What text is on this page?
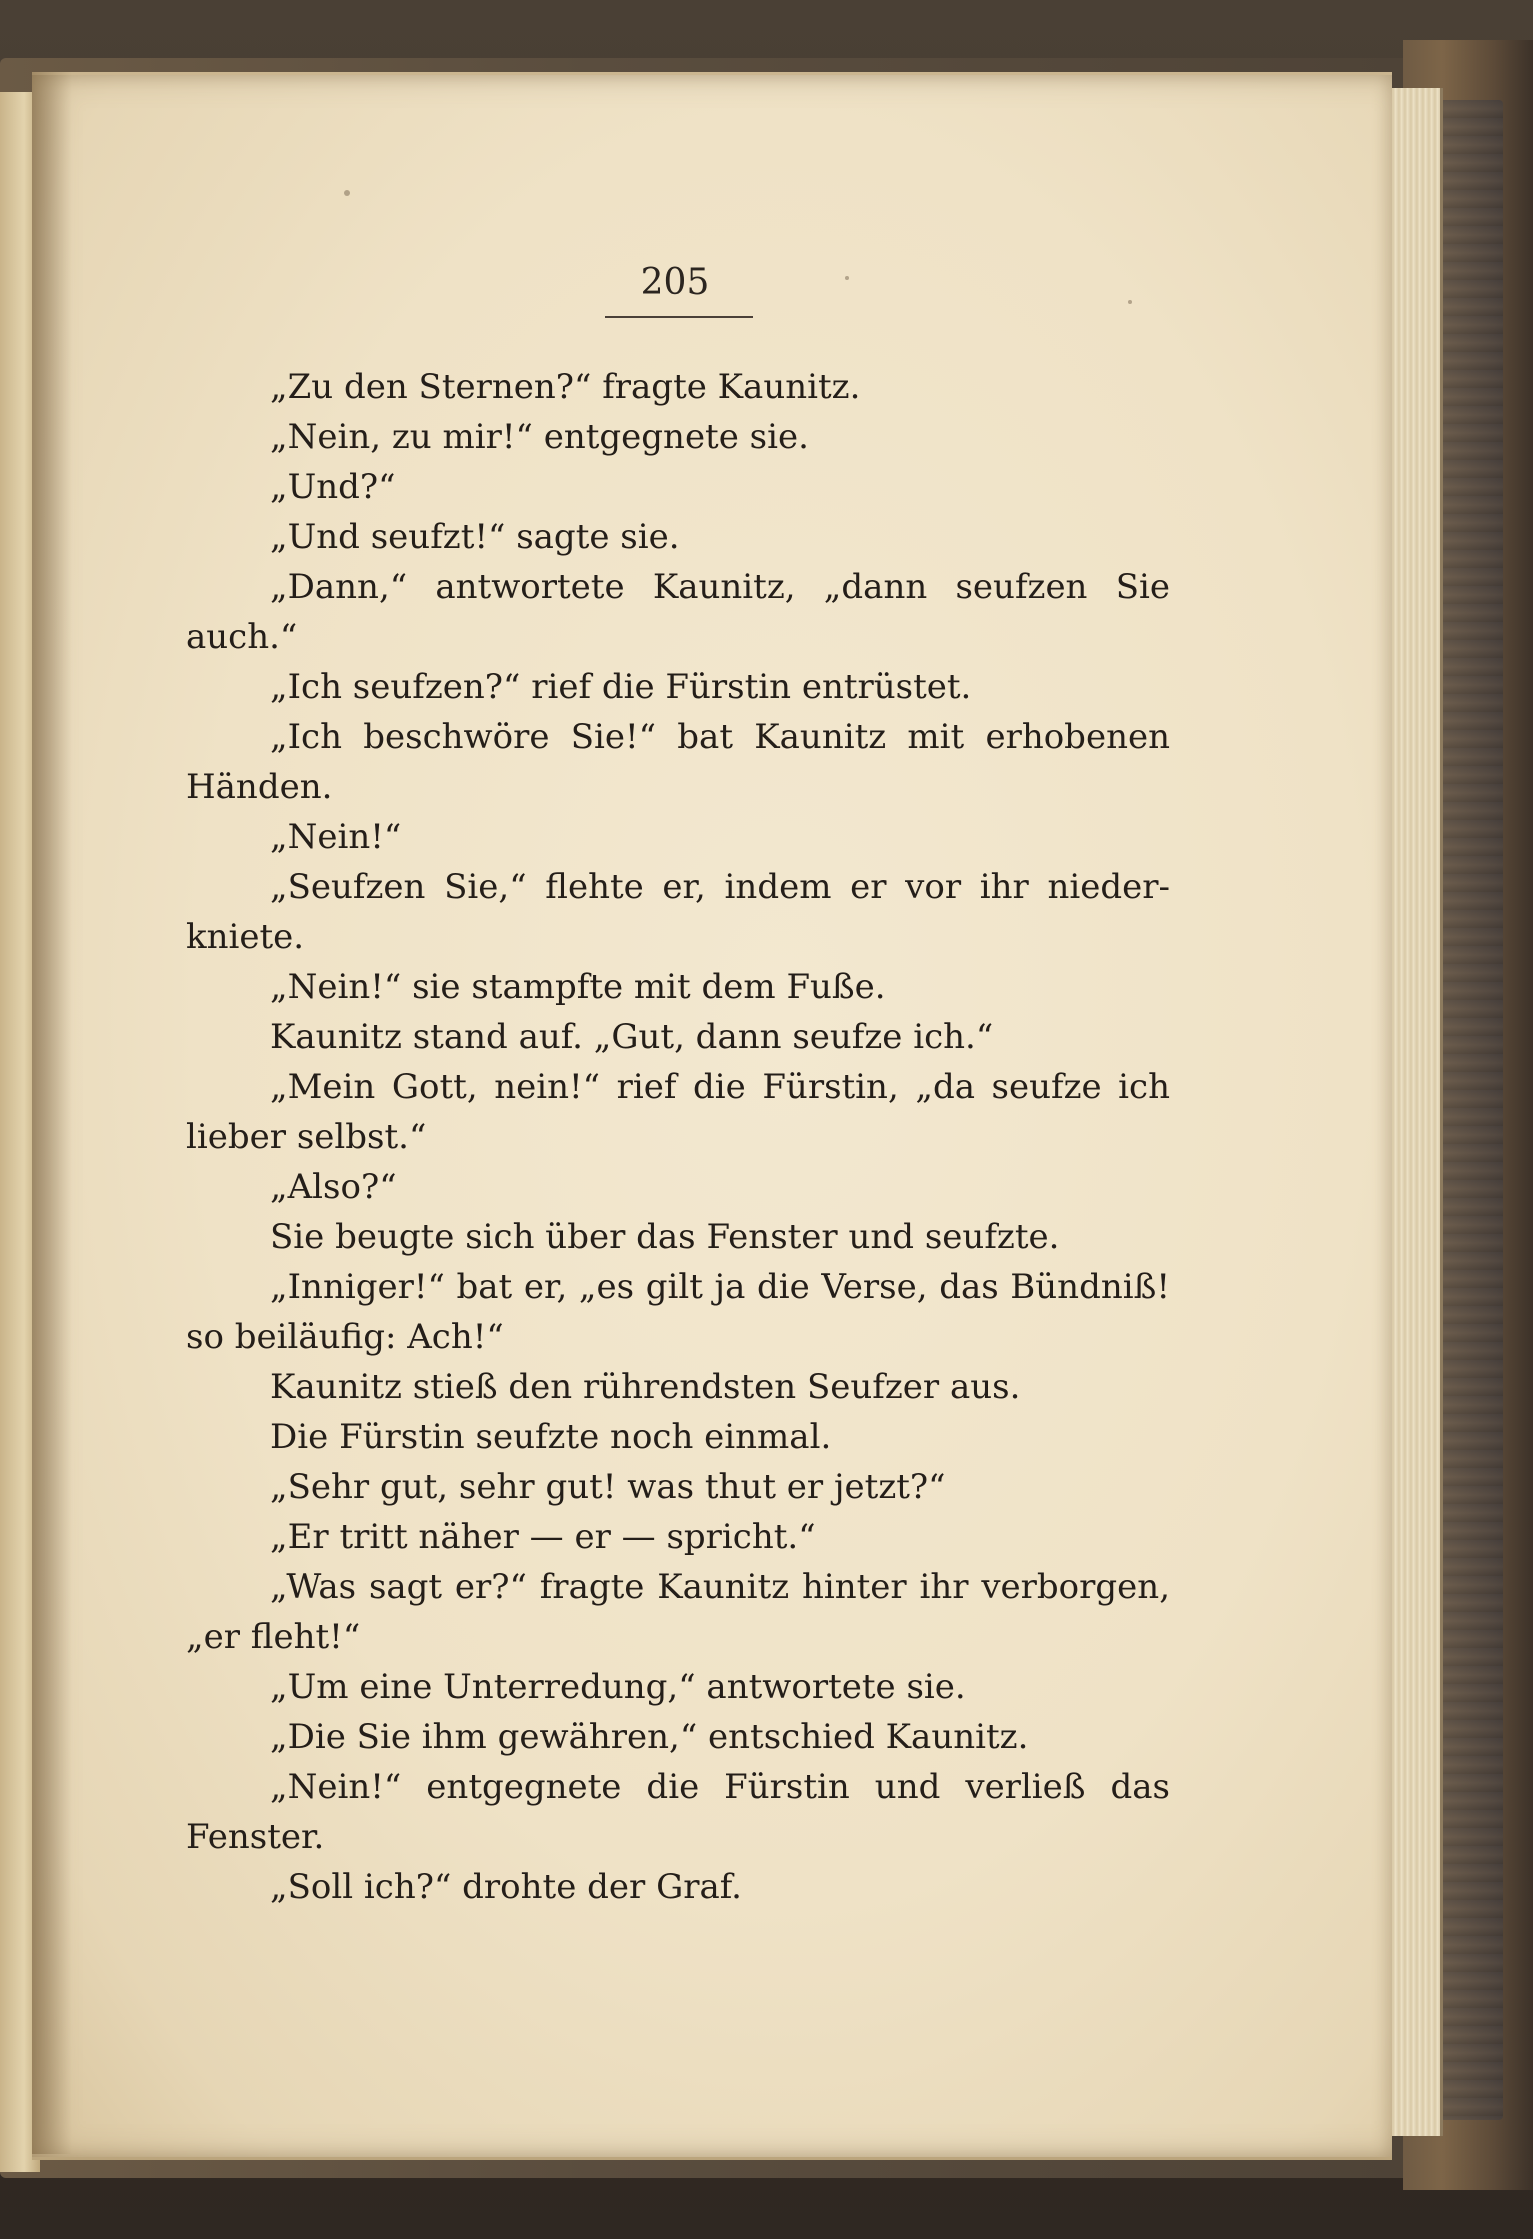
205

„Zu den Sternen?“ fragte Kaunitz.

„Nein, zu mir!“ entgegnete sie.

„Und?“

„Und seufzt!“ sagte sie.

„Dann,“ antwortete Kaunitz, „dann seufzen Sie auch.“

„Ich seufzen?“ rief die Fürstin entrüstet.

„Ich beschwöre Sie!“ bat Kaunitz mit erhobenen Händen.

„Nein!“

„Seufzen Sie,“ flehte er, indem er vor ihr nieder-kniete.

„Nein!“ sie stampfte mit dem Fuße.

Kaunitz stand auf. „Gut, dann seufze ich.“

„Mein Gott, nein!“ rief die Fürstin, „da seufze ich lieber selbst.“

„Also?“

Sie beugte sich über das Fenster und seufzte.

„Inniger!“ bat er, „es gilt ja die Verse, das Bündniß! so beiläufig: Ach!“

Kaunitz stieß den rührendsten Seufzer aus.

Die Fürstin seufzte noch einmal.

„Sehr gut, sehr gut! was thut er jetzt?“

„Er tritt näher — er — spricht.“

„Was sagt er?“ fragte Kaunitz hinter ihr verborgen, „er fleht!“

„Um eine Unterredung,“ antwortete sie.

„Die Sie ihm gewähren,“ entschied Kaunitz.

„Nein!“ entgegnete die Fürstin und verließ das Fenster.

„Soll ich?“ drohte der Graf.
